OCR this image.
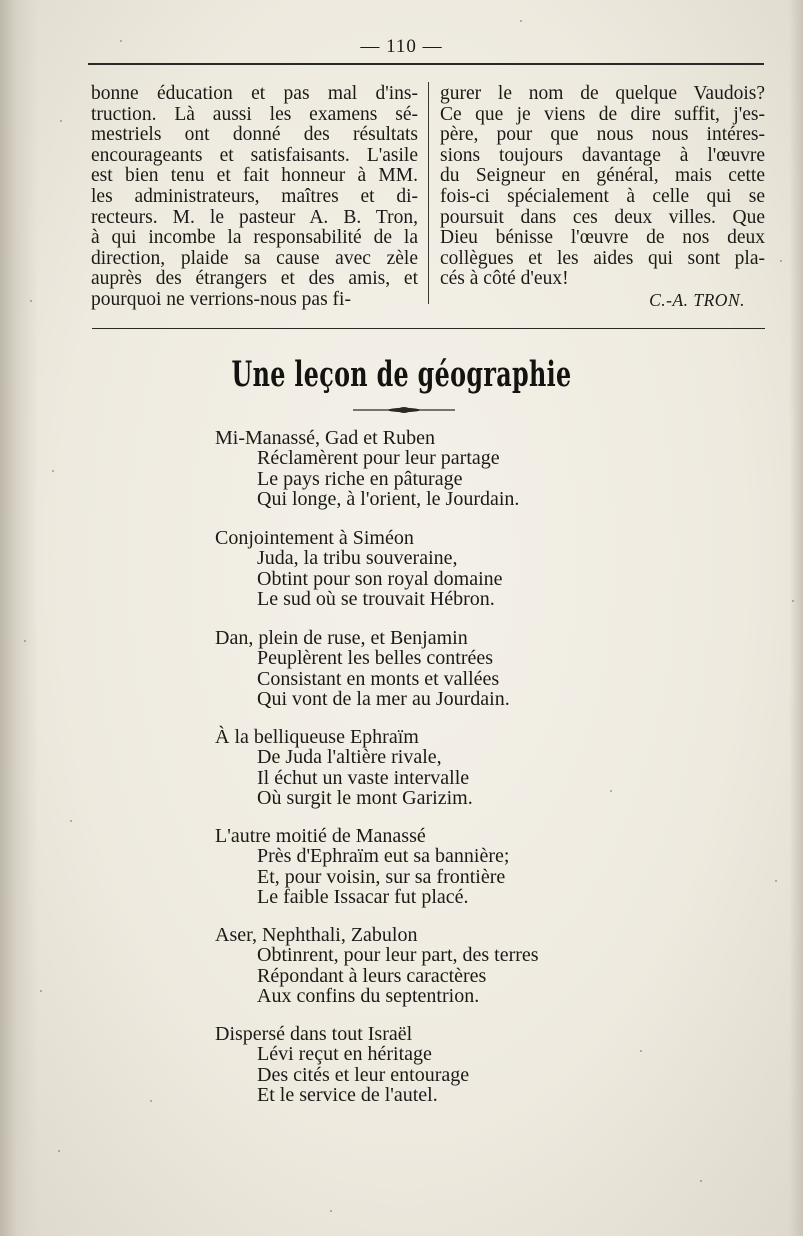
— 110 —
bonne éducation et pas mal d'ins-
truction. Là aussi les examens sé-
mestriels ont donné des résultats
encourageants et satisfaisants. L'asile
est bien tenu et fait honneur à MM.
les administrateurs, maîtres et di-
recteurs. M. le pasteur A. B. Tron,
à qui incombe la responsabilité de la
direction, plaide sa cause avec zèle
auprès des étrangers et des amis, et
pourquoi ne verrions-nous pas fi-
gurer le nom de quelque Vaudois?
Ce que je viens de dire suffit, j'es-
père, pour que nous nous intéres-
sions toujours davantage à l'œuvre
du Seigneur en général, mais cette
fois-ci spécialement à celle qui se
poursuit dans ces deux villes. Que
Dieu bénisse l'œuvre de nos deux
collègues et les aides qui sont pla-
cés à côté d'eux!
C.-A. TRON.
Une leçon de géographie
Mi-Manassé, Gad et Ruben
Réclamèrent pour leur partage
Le pays riche en pâturage
Qui longe, à l'orient, le Jourdain.
Conjointement à Siméon
Juda, la tribu souveraine,
Obtint pour son royal domaine
Le sud où se trouvait Hébron.
Dan, plein de ruse, et Benjamin
Peuplèrent les belles contrées
Consistant en monts et vallées
Qui vont de la mer au Jourdain.
À la belliqueuse Ephraïm
De Juda l'altière rivale,
Il échut un vaste intervalle
Où surgit le mont Garizim.
L'autre moitié de Manassé
Près d'Ephraïm eut sa bannière;
Et, pour voisin, sur sa frontière
Le faible Issacar fut placé.
Aser, Nephthali, Zabulon
Obtinrent, pour leur part, des terres
Répondant à leurs caractères
Aux confins du septentrion.
Dispersé dans tout Israël
Lévi reçut en héritage
Des cités et leur entourage
Et le service de l'autel.
